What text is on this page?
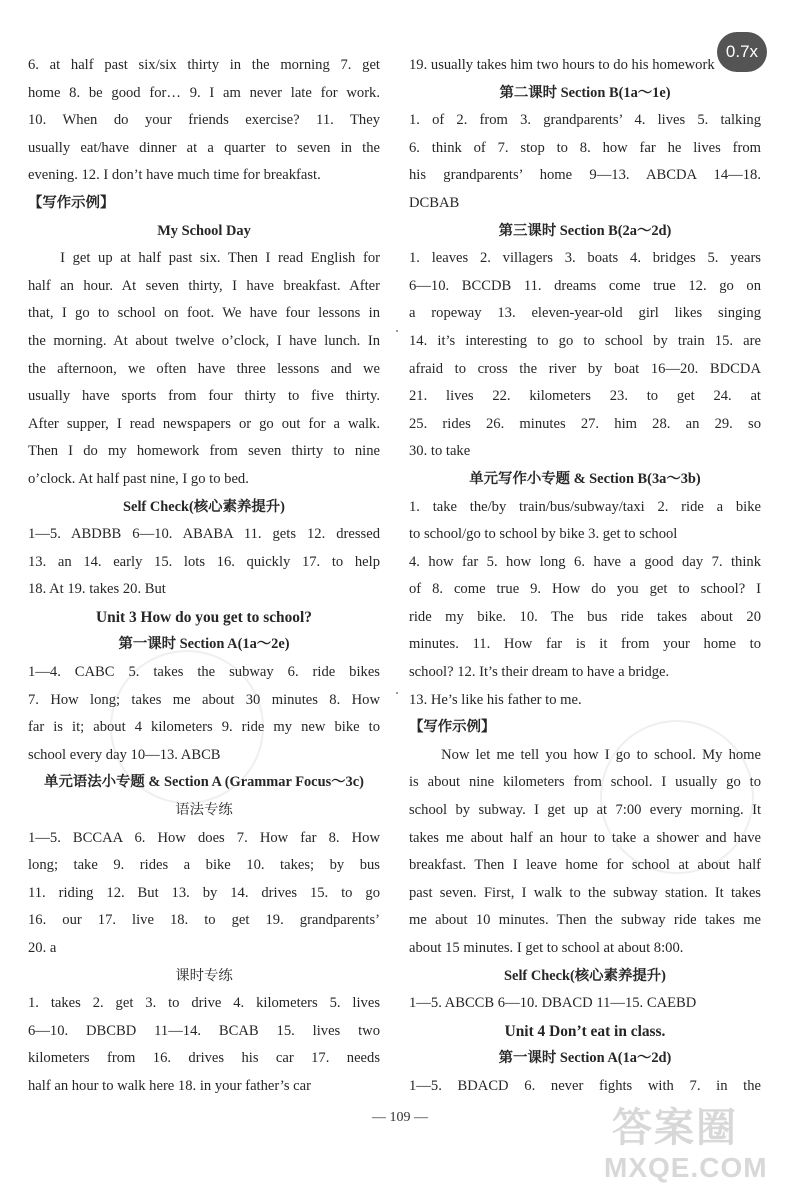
6. at half past six/six thirty in the morning 7. get
home 8. be good for… 9. I am never late for work.
10. When do your friends exercise? 11. They
usually eat/have dinner at a quarter to seven in the
evening. 12. I don’t have much time for breakfast.
【写作示例】
My School Day
I get up at half past six. Then I read English for
half an hour. At seven thirty, I have breakfast. After
that, I go to school on foot. We have four lessons in
the morning. At about twelve o’clock, I have lunch. In
the afternoon, we often have three lessons and we
usually have sports from four thirty to five thirty.
After supper, I read newspapers or go out for a walk.
Then I do my homework from seven thirty to nine
o’clock. At half past nine, I go to bed.
Self Check(核心素养提升)
1—5. ABDBB 6—10. ABABA 11. gets 12. dressed
13. an 14. early 15. lots 16. quickly 17. to help
18. At 19. takes 20. But
Unit 3 How do you get to school?
第一课时 Section A(1a～2e)
1—4. CABC 5. takes the subway 6. ride bikes
7. How long; takes me about 30 minutes 8. How
far is it; about 4 kilometers 9. ride my new bike to
school every day 10—13. ABCB
单元语法小专题 & Section A (Grammar Focus～3c)
语法专练
1—5. BCCAA 6. How does 7. How far 8. How
long; take 9. rides a bike 10. takes; by bus
11. riding 12. But 13. by 14. drives 15. to go
16. our 17. live 18. to get 19. grandparents’
20. a
课时专练
1. takes 2. get 3. to drive 4. kilometers 5. lives
6—10. DBCBD 11—14. BCAB 15. lives two
kilometers from 16. drives his car 17. needs
half an hour to walk here 18. in your father’s car
19. usually takes him two hours to do his homework
第二课时 Section B(1a～1e)
1. of 2. from 3. grandparents’ 4. lives 5. talking
6. think of 7. stop to 8. how far he lives from
his grandparents’ home 9—13. ABCDA 14—18.
DCBAB
第三课时 Section B(2a～2d)
1. leaves 2. villagers 3. boats 4. bridges 5. years
6—10. BCCDB 11. dreams come true 12. go on
a ropeway 13. eleven-year-old girl likes singing
14. it’s interesting to go to school by train 15. are
afraid to cross the river by boat 16—20. BDCDA
21. lives 22. kilometers 23. to get 24. at
25. rides 26. minutes 27. him 28. an 29. so
30. to take
单元写作小专题 & Section B(3a～3b)
1. take the/by train/bus/subway/taxi 2. ride a bike
to school/go to school by bike 3. get to school
4. how far 5. how long 6. have a good day 7. think
of 8. come true 9. How do you get to school? I
ride my bike. 10. The bus ride takes about 20
minutes. 11. How far is it from your home to
school? 12. It’s their dream to have a bridge.
13. He’s like his father to me.
【写作示例】
Now let me tell you how I go to school. My home
is about nine kilometers from school. I usually go to
school by subway. I get up at 7:00 every morning. It
takes me about half an hour to take a shower and have
breakfast. Then I leave home for school at about half
past seven. First, I walk to the subway station. It takes
me about 10 minutes. Then the subway ride takes me
about 15 minutes. I get to school at about 8:00.
Self Check(核心素养提升)
1—5. ABCCB 6—10. DBACD 11—15. CAEBD
Unit 4 Don’t eat in class.
第一课时 Section A(1a～2d)
1—5. BDACD 6. never fights with 7. in the
0.7x
— 109 —	答案圈
MXQE.COM
